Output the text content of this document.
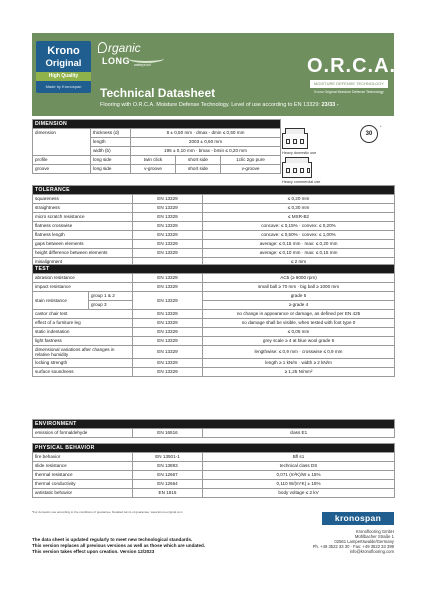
Krono
Original
High Quality
Made by Kronospan
rganic
LONG waterproof	O.R.C.A.
MOISTURE DEFENSE TECHNOLOGY
Krono Original Moisture Defense Technology
Technical Datasheet
Flooring with O.R.C.A. Moisture Defense Technology. Level of use according to EN 13329: 23/33 -
DIMENSION				
dimension	thickness (d)	8 ± 0,50 mm · dmax - dmin ≤ 0,50 mm		
	length	2003 ± 0,60 mm		
	width (b)	195 ± 0,10 mm · bmax - bmin ≤ 0,20 mm		
profile	long side	twin click	short side	1clic 2go pure
groove	long side	v-groove	short side	v-groove
Heavy domestic use
Heavy commercial use
30
*
TOLERANCE		
squareness	EN 13329	≤ 0,20 mm
straightness	EN 13329	≤ 0,30 mm
micro scratch resistance	EN 13329	≤ MSR-B2
flatness crosswise	EN 13329	concave: ≤ 0,15% · convex: ≤ 0,20%
flatness length	EN 13329	concave: ≤ 0,50% · convex: ≤ 1,00%
gaps between elements	EN 13329	average: ≤ 0,15 mm · max: ≤ 0,20 mm
height difference between elements	EN 13329	average: ≤ 0,10 mm · max: ≤ 0,15 mm
misalignment		≤ 2 mm
TEST			
abrasion resistance		EN 13329	AC5 (≥ 6000 rpm)
impact resistance		EN 13329	small ball ≥ 70 mm · big ball ≥ 1000 mm
stain resistance	group 1 & 2	EN 13329	grade 5
	group 3		≥ grade 4
castor chair test		EN 13329	no change in appearance or damage, as defined per EN 425
effect of a furniture leg		EN 13329	no damage shall be visible, when tested with foot type 0
static indentation		EN 13329	≤ 0,05 mm
light fastness		EN 13329	grey scale ≥ 4 at blue wool grade 6
dimensional variations after changes in relative humidity		EN 13329	lengthwise: ≤ 0,9 mm · crosswise ≤ 0,9 mm
locking strength		EN 13329	length ≥ 1 kN/m · width ≥ 2 kN/m
surface soundness		EN 13329	≥ 1,25 N/mm²
ENVIRONMENT
emission of formaldehyde	EN 16516	class E1
PHYSICAL BEHAVIOR		
fire behavior	EN 13501-1	Bfl s1
slide resistance	EN 13893	technical class DS
thermal resistance	EN 12667	0,071 (m²K)/W ± 15%
thermal conductivity	EN 12664	0,110 W/(m*K) ± 15%
antistatic behavior	EN 1815	body voltage ≤ 2 kV
*For domestic use according to the conditions of guarantee. Detailed terms of guarantee: www.krono-original.com
The data sheet is updated regularly to meet new technological standards.
This version replaces all previous versions as well as those which are undated.
This version takes effect upon creation. Version 12/2023
kronospan
Kronoflooring GmbH
Mühlbacher Straße 1
02561 Lampertswalde/Germany
Ph. +49 3522 33 30 · Fax: +49 3522 33 399
info@kronoflooring.com
